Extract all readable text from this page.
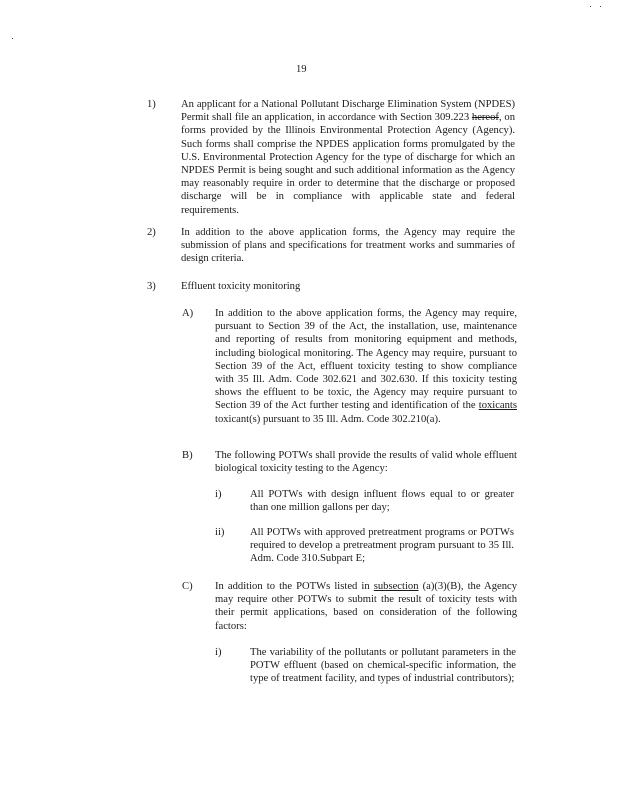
19
1) An applicant for a National Pollutant Discharge Elimination System (NPDES) Permit shall file an application, in accordance with Section 309.223 hereof, on forms provided by the Illinois Environmental Protection Agency (Agency). Such forms shall comprise the NPDES application forms promulgated by the U.S. Environmental Protection Agency for the type of discharge for which an NPDES Permit is being sought and such additional information as the Agency may reasonably require in order to determine that the discharge or proposed discharge will be in compliance with applicable state and federal requirements.

2) In addition to the above application forms, the Agency may require the submission of plans and specifications for treatment works and summaries of design criteria.

3) Effluent toxicity monitoring
A) In addition to the above application forms, the Agency may require, pursuant to Section 39 of the Act, the installation, use, maintenance and reporting of results from monitoring equipment and methods, including biological monitoring. The Agency may require, pursuant to Section 39 of the Act, effluent toxicity testing to show compliance with 35 Ill. Adm. Code 302.621 and 302.630. If this toxicity testing shows the effluent to be toxic, the Agency may require pursuant to Section 39 of the Act further testing and identification of the toxicants toxicant(s) pursuant to 35 Ill. Adm. Code 302.210(a).

B) The following POTWs shall provide the results of valid whole effluent biological toxicity testing to the Agency:

i)	All POTWs with design influent flows equal to or greater than one million gallons per day;

ii) All POTWs with approved pretreatment programs or POTWs required to develop a pretreatment program pursuant to 35 Ill. Adm. Code 310.Subpart E;

C) In addition to the POTWs listed in subsection (a)(3)(B), the Agency may require other POTWs to submit the result of toxicity tests with their permit applications, based on consideration of the following factors:

i)	The variability of the pollutants or pollutant parameters in the POTW effluent (based on chemical-specific information, the type of treatment facility, and types of industrial contributors);
